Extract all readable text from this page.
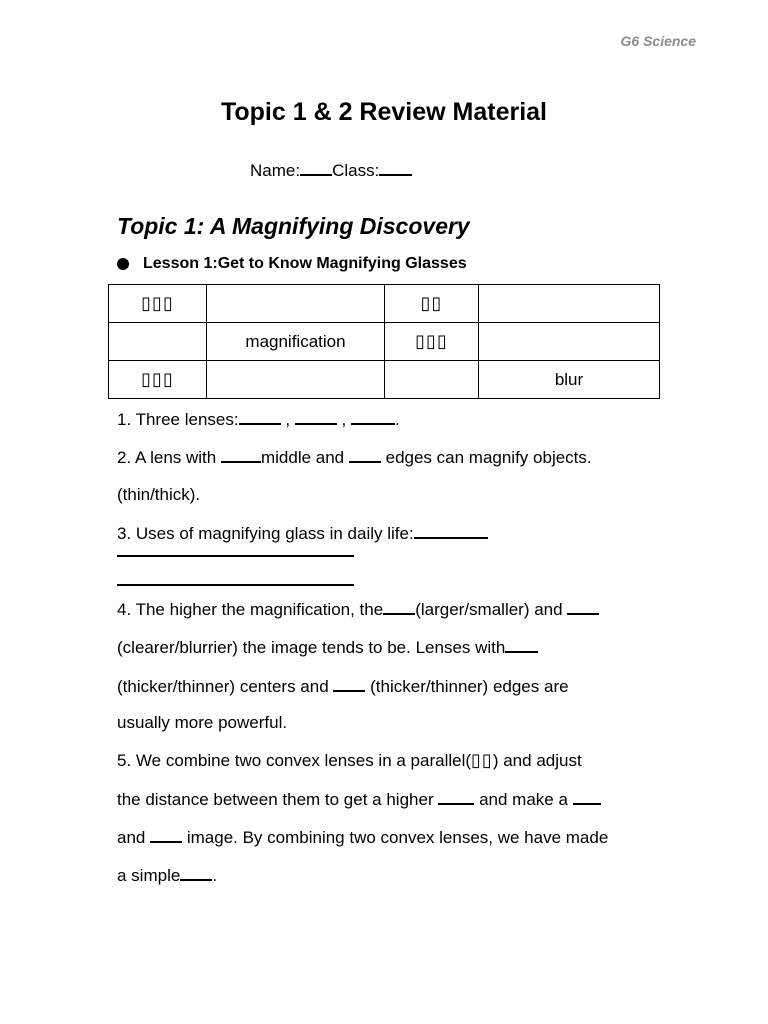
G6 Science
Topic 1 & 2 Review Material
Name: Class:
Topic 1: A Magnifying Discovery
Lesson 1:Get to Know Magnifying Glasses
▯▯▯		▯▯	
	magnification	▯▯▯	
▯▯▯			blur
1. Three lenses: ,	,	.
2. A lens with	middle and edges can magnify objects.
(thin/thick).
3. Uses of magnifying glass in daily life:
4. The higher the magnification, the (larger/smaller) and
(clearer/blurrier) the image tends to be. Lenses with
(thicker/thinner) centers and (thicker/thinner) edges are
usually more powerful.
5. We combine two convex lenses in a parallel(▯▯) and adjust
the distance between them to get a higher	and make a
and image. By combining two convex lenses, we have made
a simple .
